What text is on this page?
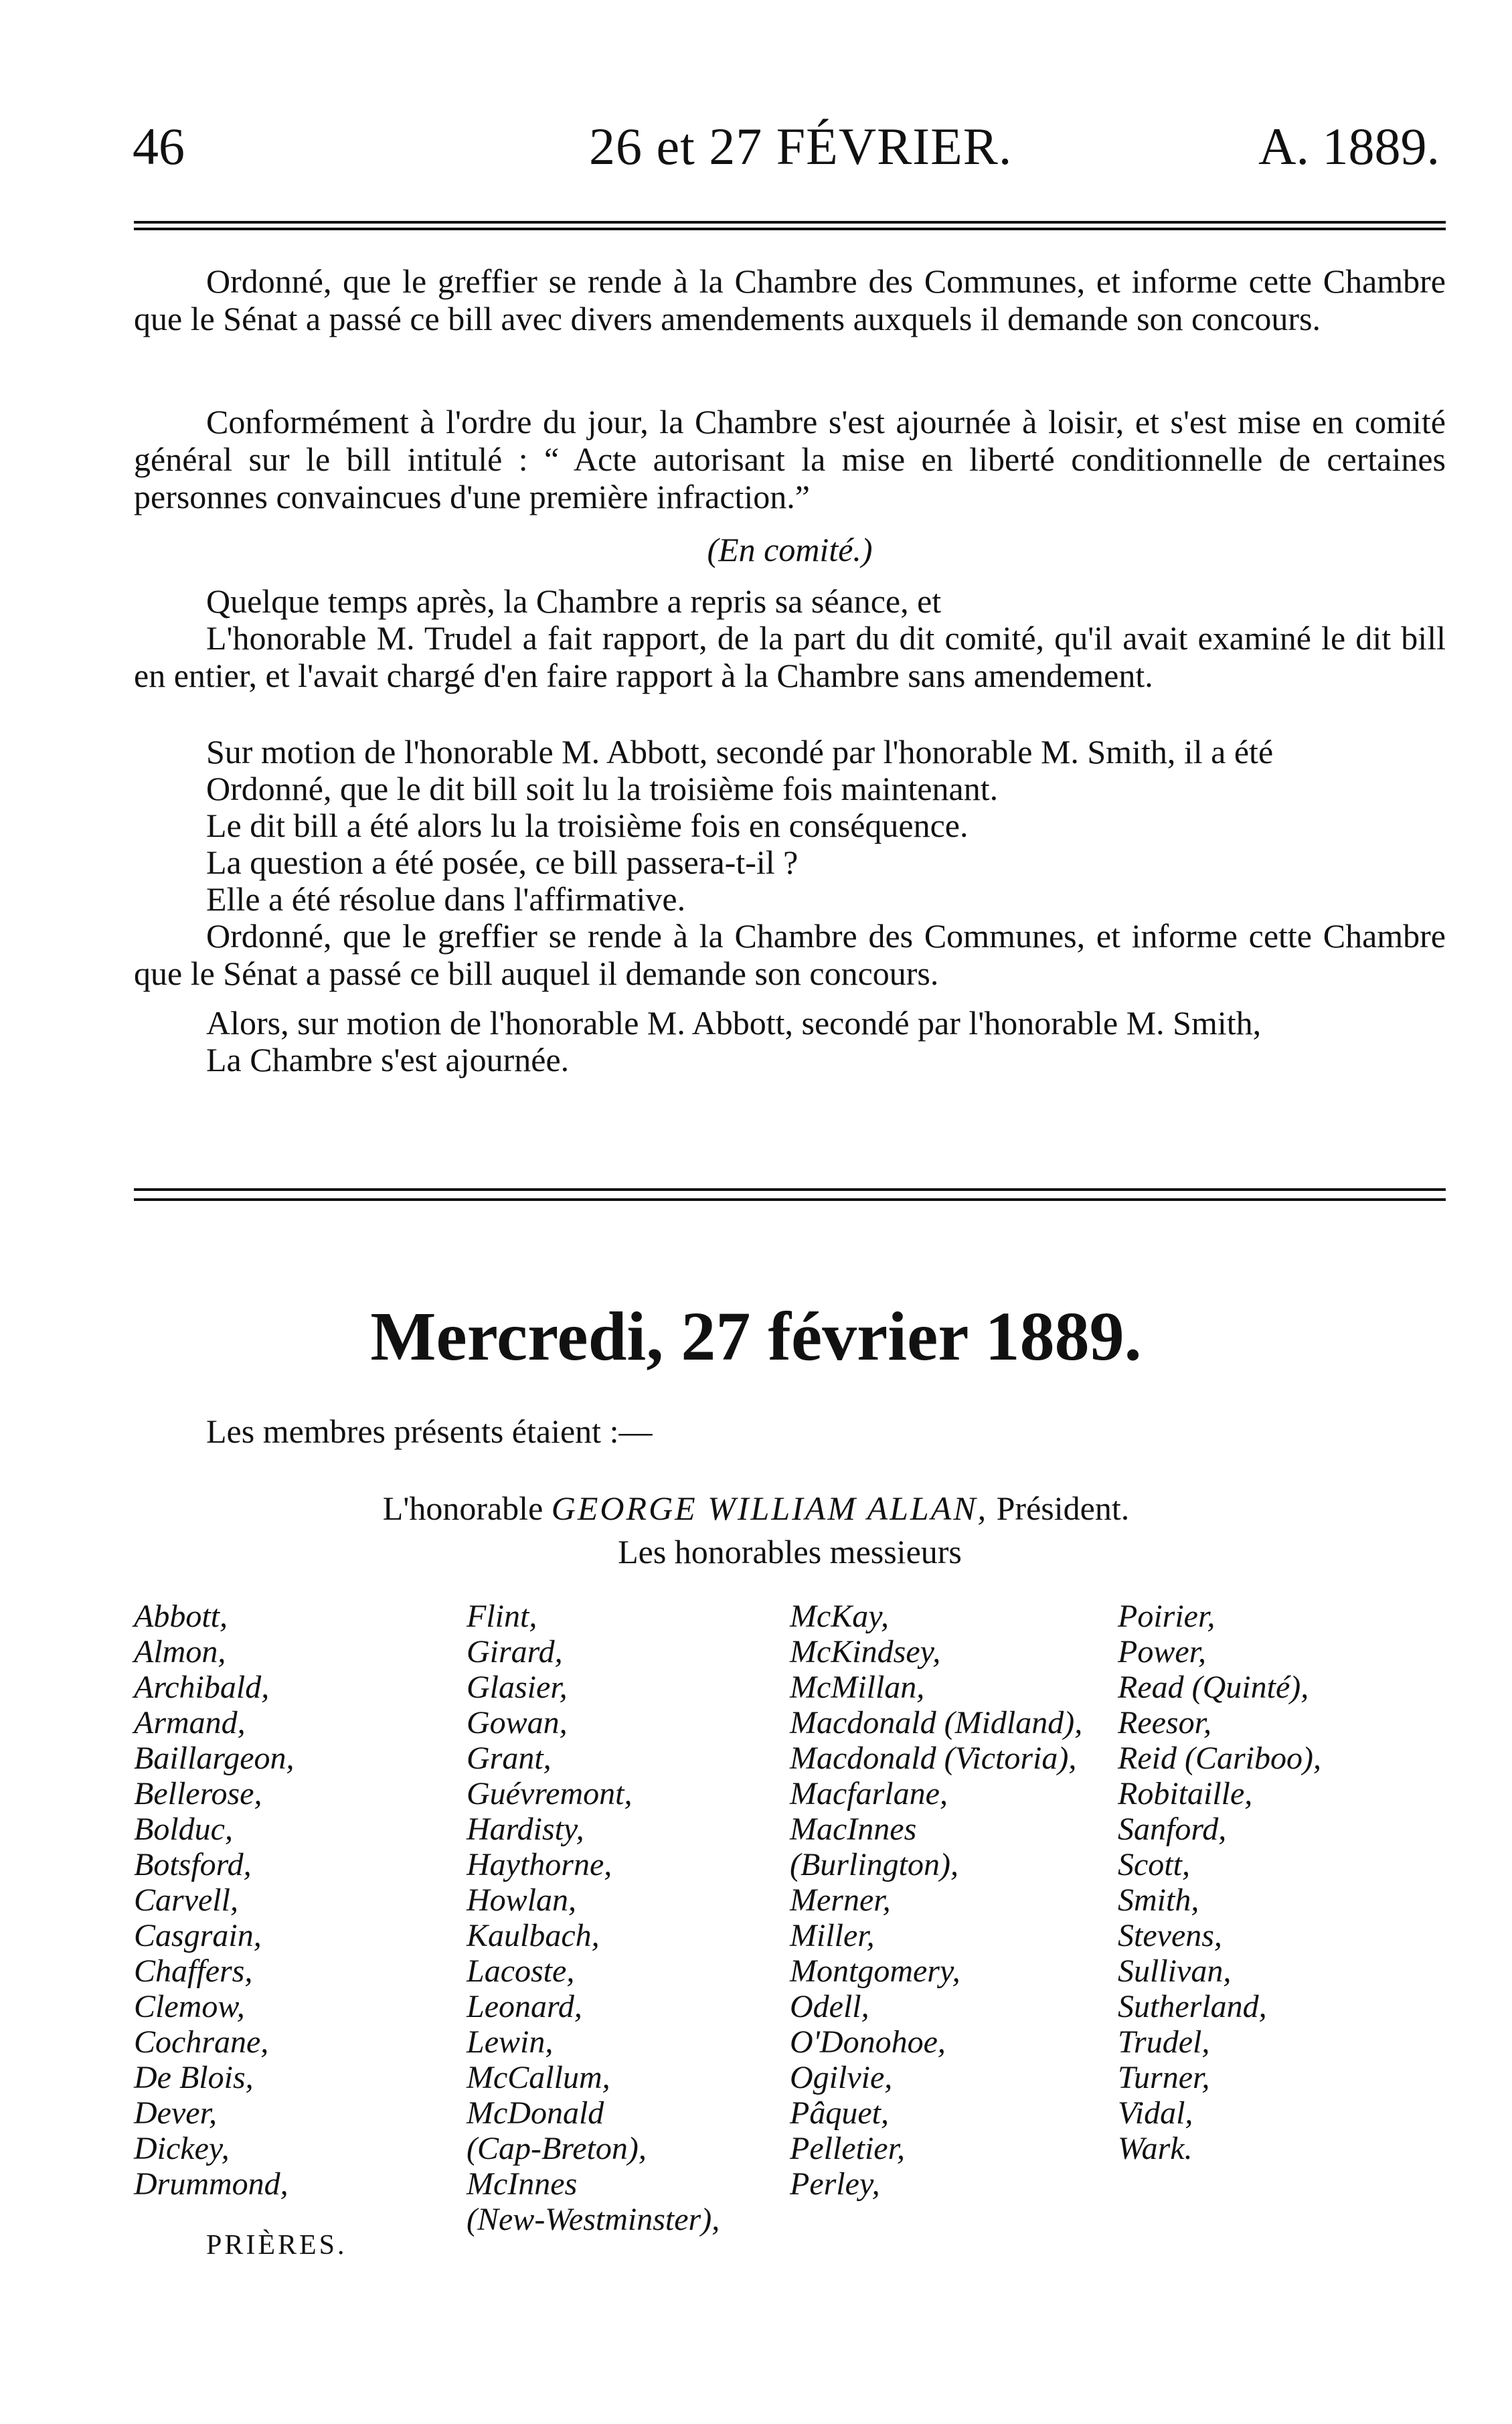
46	26 et 27 FÉVRIER.	A. 1889.
Ordonné, que le greffier se rende à la Chambre des Communes, et informe cette Chambre que le Sénat a passé ce bill avec divers amendements auxquels il demande son concours.
Conformément à l'ordre du jour, la Chambre s'est ajournée à loisir, et s'est mise en comité général sur le bill intitulé : “ Acte autorisant la mise en liberté conditionnelle de certaines personnes convaincues d'une première infraction.”
(En comité.)
Quelque temps après, la Chambre a repris sa séance, et
L'honorable M. Trudel a fait rapport, de la part du dit comité, qu'il avait examiné le dit bill en entier, et l'avait chargé d'en faire rapport à la Chambre sans amendement.
Sur motion de l'honorable M. Abbott, secondé par l'honorable M. Smith, il a été
Ordonné, que le dit bill soit lu la troisième fois maintenant.
Le dit bill a été alors lu la troisième fois en conséquence.
La question a été posée, ce bill passera-t-il ?
Elle a été résolue dans l'affirmative.
Ordonné, que le greffier se rende à la Chambre des Communes, et informe cette Chambre que le Sénat a passé ce bill auquel il demande son concours.
Alors, sur motion de l'honorable M. Abbott, secondé par l'honorable M. Smith,
La Chambre s'est ajournée.
Mercredi, 27 février 1889.
Les membres présents étaient :—
L'honorable GEORGE WILLIAM ALLAN, Président.
Les honorables messieurs
Abbott,
Almon,
Archibald,
Armand,
Baillargeon,
Bellerose,
Bolduc,
Botsford,
Carvell,
Casgrain,
Chaffers,
Clemow,
Cochrane,
De Blois,
Dever,
Dickey,
Drummond,
Flint,
Girard,
Glasier,
Gowan,
Grant,
Guévremont,
Hardisty,
Haythorne,
Howlan,
Kaulbach,
Lacoste,
Leonard,
Lewin,
McCallum,
McDonald
(Cap-Breton),
McInnes
(New-Westminster),
McKay,
McKindsey,
McMillan,
Macdonald (Midland),
Macdonald (Victoria),
Macfarlane,
MacInnes
(Burlington),
Merner,
Miller,
Montgomery,
Odell,
O'Donohoe,
Ogilvie,
Pâquet,
Pelletier,
Perley,
Poirier,
Power,
Read (Quinté),
Reesor,
Reid (Cariboo),
Robitaille,
Sanford,
Scott,
Smith,
Stevens,
Sullivan,
Sutherland,
Trudel,
Turner,
Vidal,
Wark.
PRIÈRES.
